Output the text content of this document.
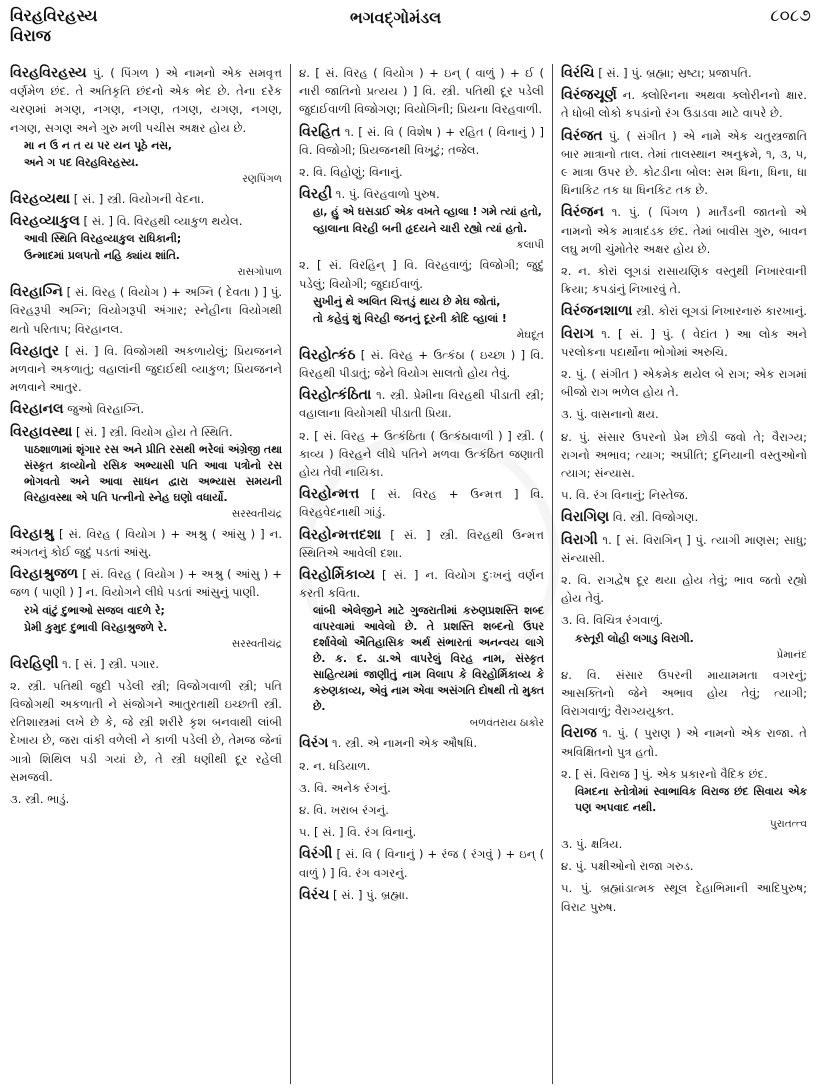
વિરહવિરહસ્ય
વિરાજ
ભગવદ્ગોમંડલ	૮૦૮૭
વિરહવિરહસ્ય પું. ( પિંગળ ) એ નામનો એક સમવૃત્ત વર્ણમેળ છંદ. તે અતિકૃતિ છંદનો એક ભેદ છે. તેના દરેક ચરણમાં મગણ, નગણ, નગણ, તગણ, યગણ, નગણ, નગણ, સગણ અને ગુરુ મળી પચીસ અક્ષર હોય છે.
મા ન ઉ ન ત ય પર યન પૂઠે નસ,
અને ગ પદ વિરહવિરહસ્ય.
રણપિંગળ
વિરહવ્યથા [ સં. ] સ્ત્રી. વિયોગની વેદના.
વિરહવ્યાકુલ [ સં. ] વિ. વિરહથી વ્યાકુળ થયેલ.
આવી સ્થિતિ વિરહવ્યાકુલ રાધિકાની;
ઉન્માદમાં પ્રલપતો નહિ ક્યાંય શાંતિ.
રાસગોપાળ
વિરહાગ્નિ [ સં. વિરહ ( વિયોગ ) + અગ્નિ ( દેવતા ) ] પું. વિરહરૂપી અગ્નિ; વિયોગરૂપી અંગાર; સ્નેહીના વિયોગથી થતો પરિતાપ; વિરહાનલ.
વિરહાતુર [ સં. ] વિ. વિજોગથી અકળાયેલું; પ્રિયજનને મળવાને અકળાતું; વહાલાંની જુદાઈથી વ્યાકુળ; પ્રિયજનને મળવાને આતુર.
વિરહાનલ જુઓ વિરહાગ્નિ.
વિરહાવસ્થા [ સં. ] સ્ત્રી. વિયોગ હોય તે સ્થિતિ.
પાઠશાળામાં શૃંગાર રસ અને પ્રીતિ રસથી ભરેલાં અંગ્રેજી તથા સંસ્કૃત કાવ્યોનો રસિક અભ્યાસી પતિ આવા પત્રોનો રસ ભોગવતો અને આવા સાધન દ્વારા અભ્યાસ સમયની વિરહાવસ્થા એ પતિ પત્નીનો સ્નેહ ઘણો વધાર્યો.
સરસ્વતીચંદ્ર
વિરહાશ્રુ [ સં. વિરહ ( વિયોગ ) + અશ્રુ ( આંસુ ) ] ન. અંગતનું કોઈ જુદું પડતાં આંસુ.
વિરહાશ્રુજળ [ સં. વિરહ ( વિયોગ ) + અશ્રુ ( આંસુ ) + જળ ( પાણી ) ] ન. વિયોગને લીધે પડતાં આંસુનું પાણી.
રખે વાંટું દુભાઓ સજલ વાદળે રે;
પ્રેમી કુમુદ દુભાવી વિરહાશ્રુજળે રે.
સરસ્વતીચંદ્ર
વિરહિણી ૧. [ સં. ] સ્ત્રી. પગાર.
૨. સ્ત્રી. પતિથી જુદી પડેલી સ્ત્રી; વિજોગવાળી સ્ત્રી; પતિ વિજોગથી અકળાતી ને સંજોગને આતુરતાથી ઇચ્છતી સ્ત્રી. રતિશાસ્ત્રમાં લખે છે કે, જે સ્ત્રી શરીરે કૃશ બનવાથી લાંબી દેખાય છે, જરા વાંકી વળેલી ને કાળી પડેલી છે, તેમજ જેનાં ગાત્રો શિથિલ પડી ગયાં છે, તે સ્ત્રી ધણીથી દૂર રહેલી સમજવી.
૩. સ્ત્રી. ભાડું.
૪. [ સં. વિરહ ( વિયોગ ) + ઇન્ ( વાળું ) + ઈ ( નારી જાતિનો પ્રત્યય ) ] વિ. સ્ત્રી. પતિથી દૂર પડેલી જુદાઈવાળી વિજોગણ; વિયોગિની; પ્રિયના વિરહવાળી.
વિરહિત ૧. [ સં. વિ ( વિશેષ ) + રહિત ( વિનાનું ) ] વિ. વિજોગી; પ્રિયજનથી વિખૂટું; તજેલ.
૨. વિ. વિહોણું; વિનાનું.
વિરહી ૧. પું. વિરહવાળો પુરુષ.
હા, હું એ ઘસડાઈ એક વખતે વ્હાલા ! ગમે ત્યાં હતો,
વ્હાલાના વિરહી બની હૃદયને ચારી રહ્યો ત્યાં હતો.
કલાપી
૨. [ સં. વિરહિન્ ] વિ. વિરહવાળું; વિજોગી; જુદું પડેલું; વિયોગી; જુદાઈવાળું.
સુખીનું થે અલિત ચિત્તડું થાય છે મેઘ જોતાં,
તો કહેવું શું વિરહી જનનું દૂરની કોદિ વ્હાલાં !
મેઘદૂત
વિરહોત્કંઠ [ સં. વિરહ + ઉત્કંઠા ( ઇચ્છા ) ] વિ. વિરહથી પીડાતું; જેને વિયોગ સાલતો હોય તેવું.
વિરહોત્કંઠિતા ૧. સ્ત્રી. પ્રેમીના વિરહથી પીડાતી સ્ત્રી; વહાલાના વિયોગથી પીડાતી પ્રિયા.
૨. [ સં. વિરહ + ઉત્કંઠિતા ( ઉત્કંઠાવાળી ) ] સ્ત્રી. ( કાવ્ય ) વિરહને લીધે પતિને મળવા ઉત્કંઠિત જણાતી હોય તેવી નાયિકા.
વિરહોન્મત્ત [ સં. વિરહ + ઉન્મત્ત ] વિ. વિરહવેદનાથી ગાંડું.
વિરહોન્મત્તદશા [ સં. ] સ્ત્રી. વિરહથી ઉન્મત્ત સ્થિતિએ આવેલી દશા.
વિરહોર્મિકાવ્ય [ સં. ] ન. વિયોગ દુઃખનું વર્ણન કરતી કવિતા.
લાંબી એલેજીને માટે ગુજરાતીમાં કરુણપ્રશસ્તિ શબ્દ વાપરવામાં આવેલો છે. તે પ્રશસ્તિ શબ્દનો ઉપર દર્શાવેલો ઐતિહાસિક અર્થ સંભારતાં અનન્વય લાગે છે. ક. દ. ડા.એ વાપરેલું વિરહ નામ, સંસ્કૃત સાહિત્યમાં જાણીતું નામ વિલાપ કે વિરહોર્મિકાવ્ય કે કરુણકાવ્ય, એવું નામ એવા અસંગતિ દોષથી તો મુક્ત છે.
બળવંતરાય ઠાકોર
વિરંગ ૧. સ્ત્રી. એ નામની એક ઔષધિ.
૨. ન. ધડિયાળ.
૩. વિ. અનેક રંગનું.
૪. વિ. ખરાબ રંગનું.
૫. [ સં. ] વિ. રંગ વિનાનું.
વિરંગી [ સં. વિ ( વિનાનું ) + રંજ ( રંગવું ) + ઇન્ ( વાળું ) ] વિ. રંગ વગરનું.
વિરંચ [ સં. ] પું. બ્રહ્મા.
વિરંચિ [ સં. ] પું. બ્રહ્મા; સ્રષ્ટા; પ્રજાપતિ.
વિરંજચૂર્ણ ન. ક્લોરિનના અથવા ક્લોરીનનો ક્ષાર. તે ધોબી લોકો કપડાંનો રંગ ઉડાડવા માટે વાપરે છે.
વિરંજત પું. ( સંગીત ) એ નામે એક ચતુસ્ત્રજાતિ બાર માત્રાનો તાલ. તેમાં તાલસ્થાન અનુક્રમે, ૧, ૩, ૫, ૯ માત્રા ઉપર છે. કોટડીના બોલ: સમ ધિના, ધિના, ધા ધિનાકિટ તક ધા ધિનકિટ તક છે.
વિરંજન ૧. પું. ( પિંગળ ) માર્તંડની જાતનો એ નામનો એક માત્રાદંડક છંદ. તેમાં બાવીસ ગુરુ, બાવન લઘુ મળી ચુંમોતેર અક્ષર હોય છે.
૨. ન. કોરાં લૂગડાં રાસાયણિક વસ્તુથી નિખારવાની ક્રિયા; કપડાંનું નિખારવું તે.
વિરંજનશાળા સ્ત્રી. કોરાં લૂગડાં નિખારનારું કારખાનું.
વિરાગ ૧. [ સં. ] પું. ( વેદાંત ) આ લોક અને પરલોકના પદાર્થોના ભોગોમાં અરુચિ.
૨. પું. ( સંગીત ) એકમેક થયેલ બે રાગ; એક રાગમાં બીજો રાગ ભળેલ હોય તે.
૩. પું. વાસનાનો ક્ષય.
૪. પું. સંસાર ઉપરનો પ્રેમ છોડી જવો તે; વૈરાગ્ય; રાગનો અભાવ; ત્યાગ; અપ્રીતિ; દુનિયાની વસ્તુઓનો ત્યાગ; સંન્યાસ.
૫. વિ. રંગ વિનાનું; નિસ્તેજ.
વિરાગિણ વિ. સ્ત્રી. વિજોગણ.
વિરાગી ૧. [ સં. વિરાગિન્ ] પું. ત્યાગી માણસ; સાધુ; સંન્યાસી.
૨. વિ. રાગદ્વેષ દૂર થયા હોય તેવું; ભાવ જતો રહ્યો હોય તેવું.
૩. વિ. વિચિત્ર રંગવાળું.
કસ્તૂરી લોહી લગાડુ વિરાગી.
પ્રેમાનંદ
૪. વિ. સંસાર ઉપરની માયામમતા વગરનું; આસક્તિનો જેને અભાવ હોય તેવું; ત્યાગી; વિરાગવાળું; વૈરાગ્યયુક્ત.
વિરાજ ૧. પું. ( પુરાણ ) એ નામનો એક રાજા. તે અવિક્ષિતનો પુત્ર હતો.
૨. [ સં. વિરાજ ] પું. એક પ્રકારનો વૈદિક છંદ.
વિમદના સ્તોત્રોમાં સ્વાભાવિક વિરાજ છંદ સિવાય એક પણ અપવાદ નથી.
પુરાતત્ત્વ
૩. પું. ક્ષત્રિય.
૪. પું. પક્ષીઓનો રાજા ગરુડ.
૫. પું. બ્રહ્માંડાત્મક સ્થૂલ દેહાભિમાની આદિપુરુષ; વિરાટ પુરુષ.
